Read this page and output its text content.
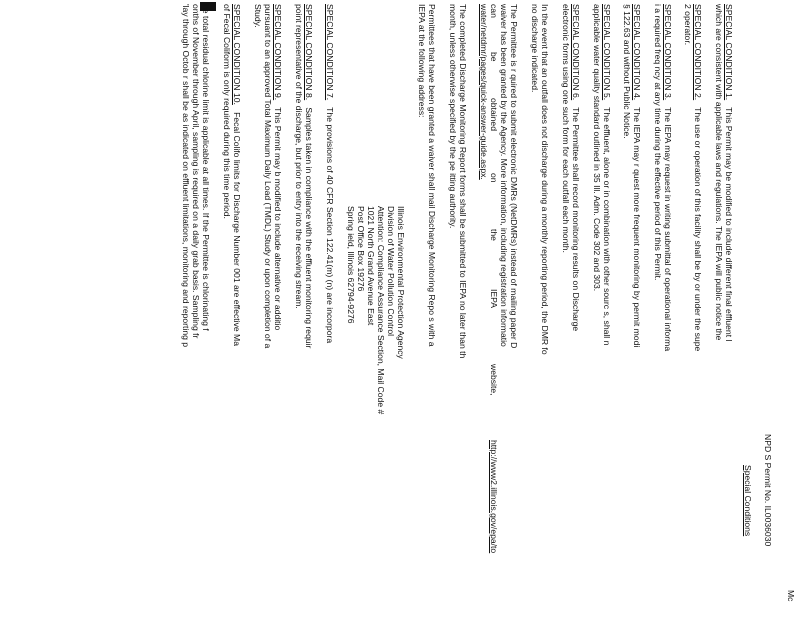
Mc
NPD S Permit No. IL0036030
Special Conditions
SPECIAL CONDITION 1.   This Permit may be modified to include different final effluent l
which are consistent with applicable laws and regulations. The IEPA will public notice the
SPECIAL CONDITION 2.   The use or operation of this facility shall be by or under the supe
2 operator.
SPECIAL CONDITION 3.   The IEPA may request in writing submittal of operational informa
i a required freq ncy at any time during the effective period of this Permit.
SPECIAL CONDITION 4.   The IEPA may r quest more frequent monitoring by permit modi
§ 122.63 and without Public Notice.
SPECIAL CONDITION 5.   The effluent, alone or in combination with other sourc s, shall n
applicable water quality standard outlined in 35 Ill. Adm. Code 302 and 303.
SPECIAL CONDITION 6.   The Permittee shall record monitoring results on Discharge
electronic forms using one such form for each outfall each month.
In the event that an outfall does not discharge during a monthly reporting period, the DMR fo
no discharge indicated.
The Permittee is r quired to submit electronic DMRs (NetDMRs) instead of mailing paper D
waiver has been granted by the Agency. More information, including registration informatio
can
be
obtained
on
the
IEPA
website,
http://www2.illinois.gov/epa/to
water/netdmr/pages/quick-answer-guide.aspx.
The completed Discharge Monitoring Report forms shall be submitted to IEPA no later than th
month, unless otherwise specified by the pe itting authority.
Permittees that have been granted a waiver shall mail Discharge Monitoring Repo s with a
IEPA at the following address:
Illinois Environmental Protection Agency
Division of Water Pollution Control
Attention: Compliance Assurance Section, Mail Code #
1021 North Grand Avenue East
Post Office Box 19276
Spring ield, Illinois 62794-9276
SPECIAL CONDITION 7.   The provisions of 40 CFR Section 122.41(m) (n) are incorpora
SPECIAL CONDITION 8.   Samples taken in compliance with the effluent monitoring requir
point representative of the discharge, but prior to entry into the receiving stream.
SPECIAL CONDITION 9.   This Permit may b modified to include alternative or additio
pursuant to an approved Total Maximum Daily Load (TMDL) Study or upon completion of a
Study.
SPECIAL CONDITION 10.   Fecal Colifo limits for Discharge Number 001 are effective Ma
of Fecal Coliform is only required during this time period.
he total residual chlorine limit is applicable at all times. If the Permittee is chlorinating f
onths of November through April, sampling is required on a daily grab basis. Sampling fr
'lay through Octob r shall be as indicated on effluent limitations, monitoring and reporting p
